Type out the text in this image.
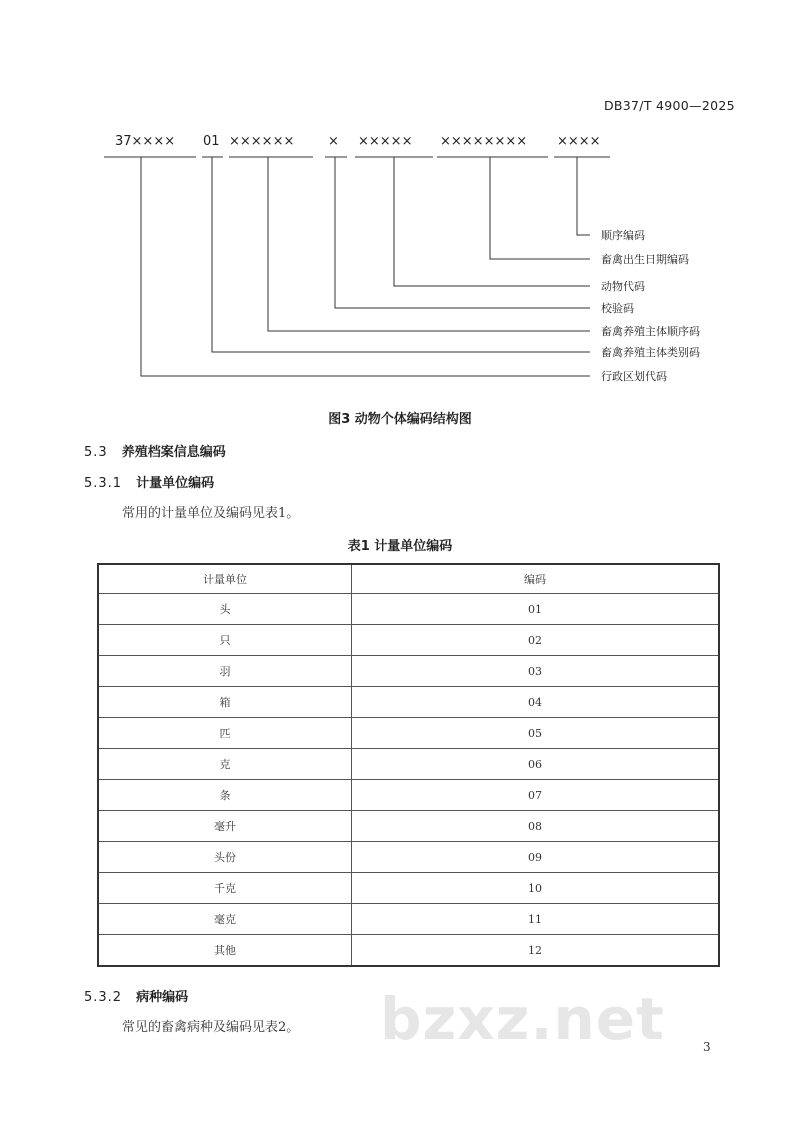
DB37/T 4900—2025
37×××× 01 ××××××	× ××××× ×××××××× ××××
顺序编码
畜禽出生日期编码
动物代码
校验码
畜禽养殖主体顺序码
畜禽养殖主体类别码
行政区划代码
图3 动物个体编码结构图
5.3 养殖档案信息编码
5.3.1 计量单位编码
常用的计量单位及编码见表1。
表1 计量单位编码
计量单位	编码
头	01
只	02
羽	03
箱	04
匹	05
克	06
条	07
毫升	08
头份	09
千克	10
毫克	11
其他	12
5.3.2 病种编码
常见的畜禽病种及编码见表2。 bzxz.net	3
